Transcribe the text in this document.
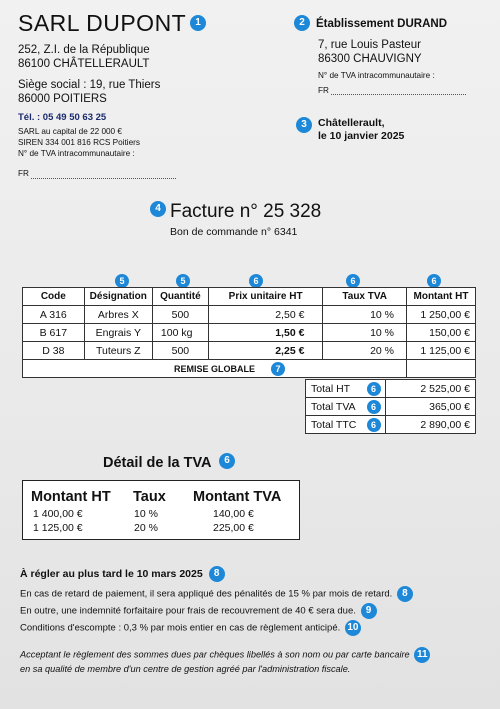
SARL DUPONT 1
252, Z.I. de la République
86100 CHÂTELLERAULT
Siège social : 19, rue Thiers
86000 POITIERS
Tél. : 05 49 50 63 25
SARL au capital de 22 000 €
SIREN 334 001 816 RCS Poitiers
N° de TVA intracommunautaire :
FR
2 Établissement DURAND
7, rue Louis Pasteur
86300 CHAUVIGNY
N° de TVA intracommunautaire :
FR
3	Châtellerault,
le 10 janvier 2025
4 Facture n° 25 328
Bon de commande n° 6341
5	5	6	6	6
Code	Désignation	Quantité	Prix unitaire HT	Taux TVA	Montant HT
A 316	Arbres X	500	2,50 €	10 %	1 250,00 €
B 617	Engrais Y	100 kg	1,50 €	10 %	150,00 €
D 38	Tuteurs Z	500	2,25 €	20 %	1 125,00 €
REMISE GLOBALE 7					

Total HT 6	2 525,00 €
Total TVA 6	365,00 €
Total TTC 6	2 890,00 €
Détail de la TVA 6
Montant HT Taux Montant TVA
1 400,00 €	10 %	140,00 €
1 125,00 €	20 %	225,00 €
À régler au plus tard le 10 mars 2025 8
En cas de retard de paiement, il sera appliqué des pénalités de 15 % par mois de retard. 8
En outre, une indemnité forfaitaire pour frais de recouvrement de 40 € sera due. 9
Conditions d'escompte : 0,3 % par mois entier en cas de règlement anticipé. 10
Acceptant le règlement des sommes dues par chèques libellés à son nom ou par carte bancaire 11
en sa qualité de membre d'un centre de gestion agréé par l'administration fiscale.
